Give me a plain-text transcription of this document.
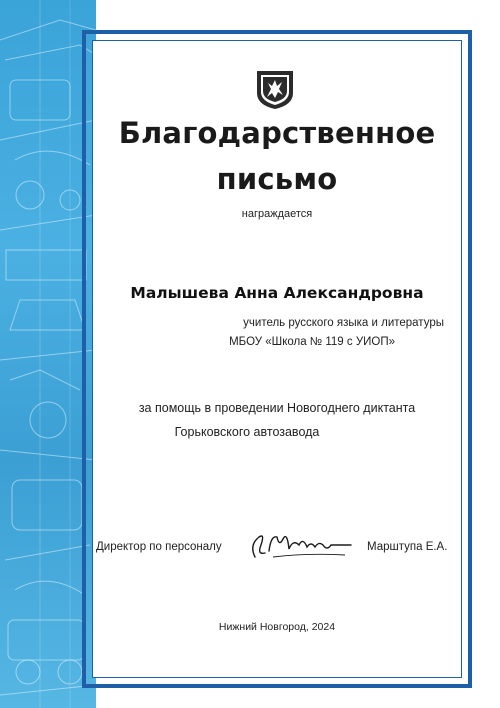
Благодарственное
письмо
награждается
Малышева Анна Александровна
учитель русского языка и литературы
МБОУ «Школа № 119 с УИОП»
за помощь в проведении Новогоднего диктанта
Горьковского автозавода
Директор по персоналу	Марштупа Е.А.
Нижний Новгород, 2024
